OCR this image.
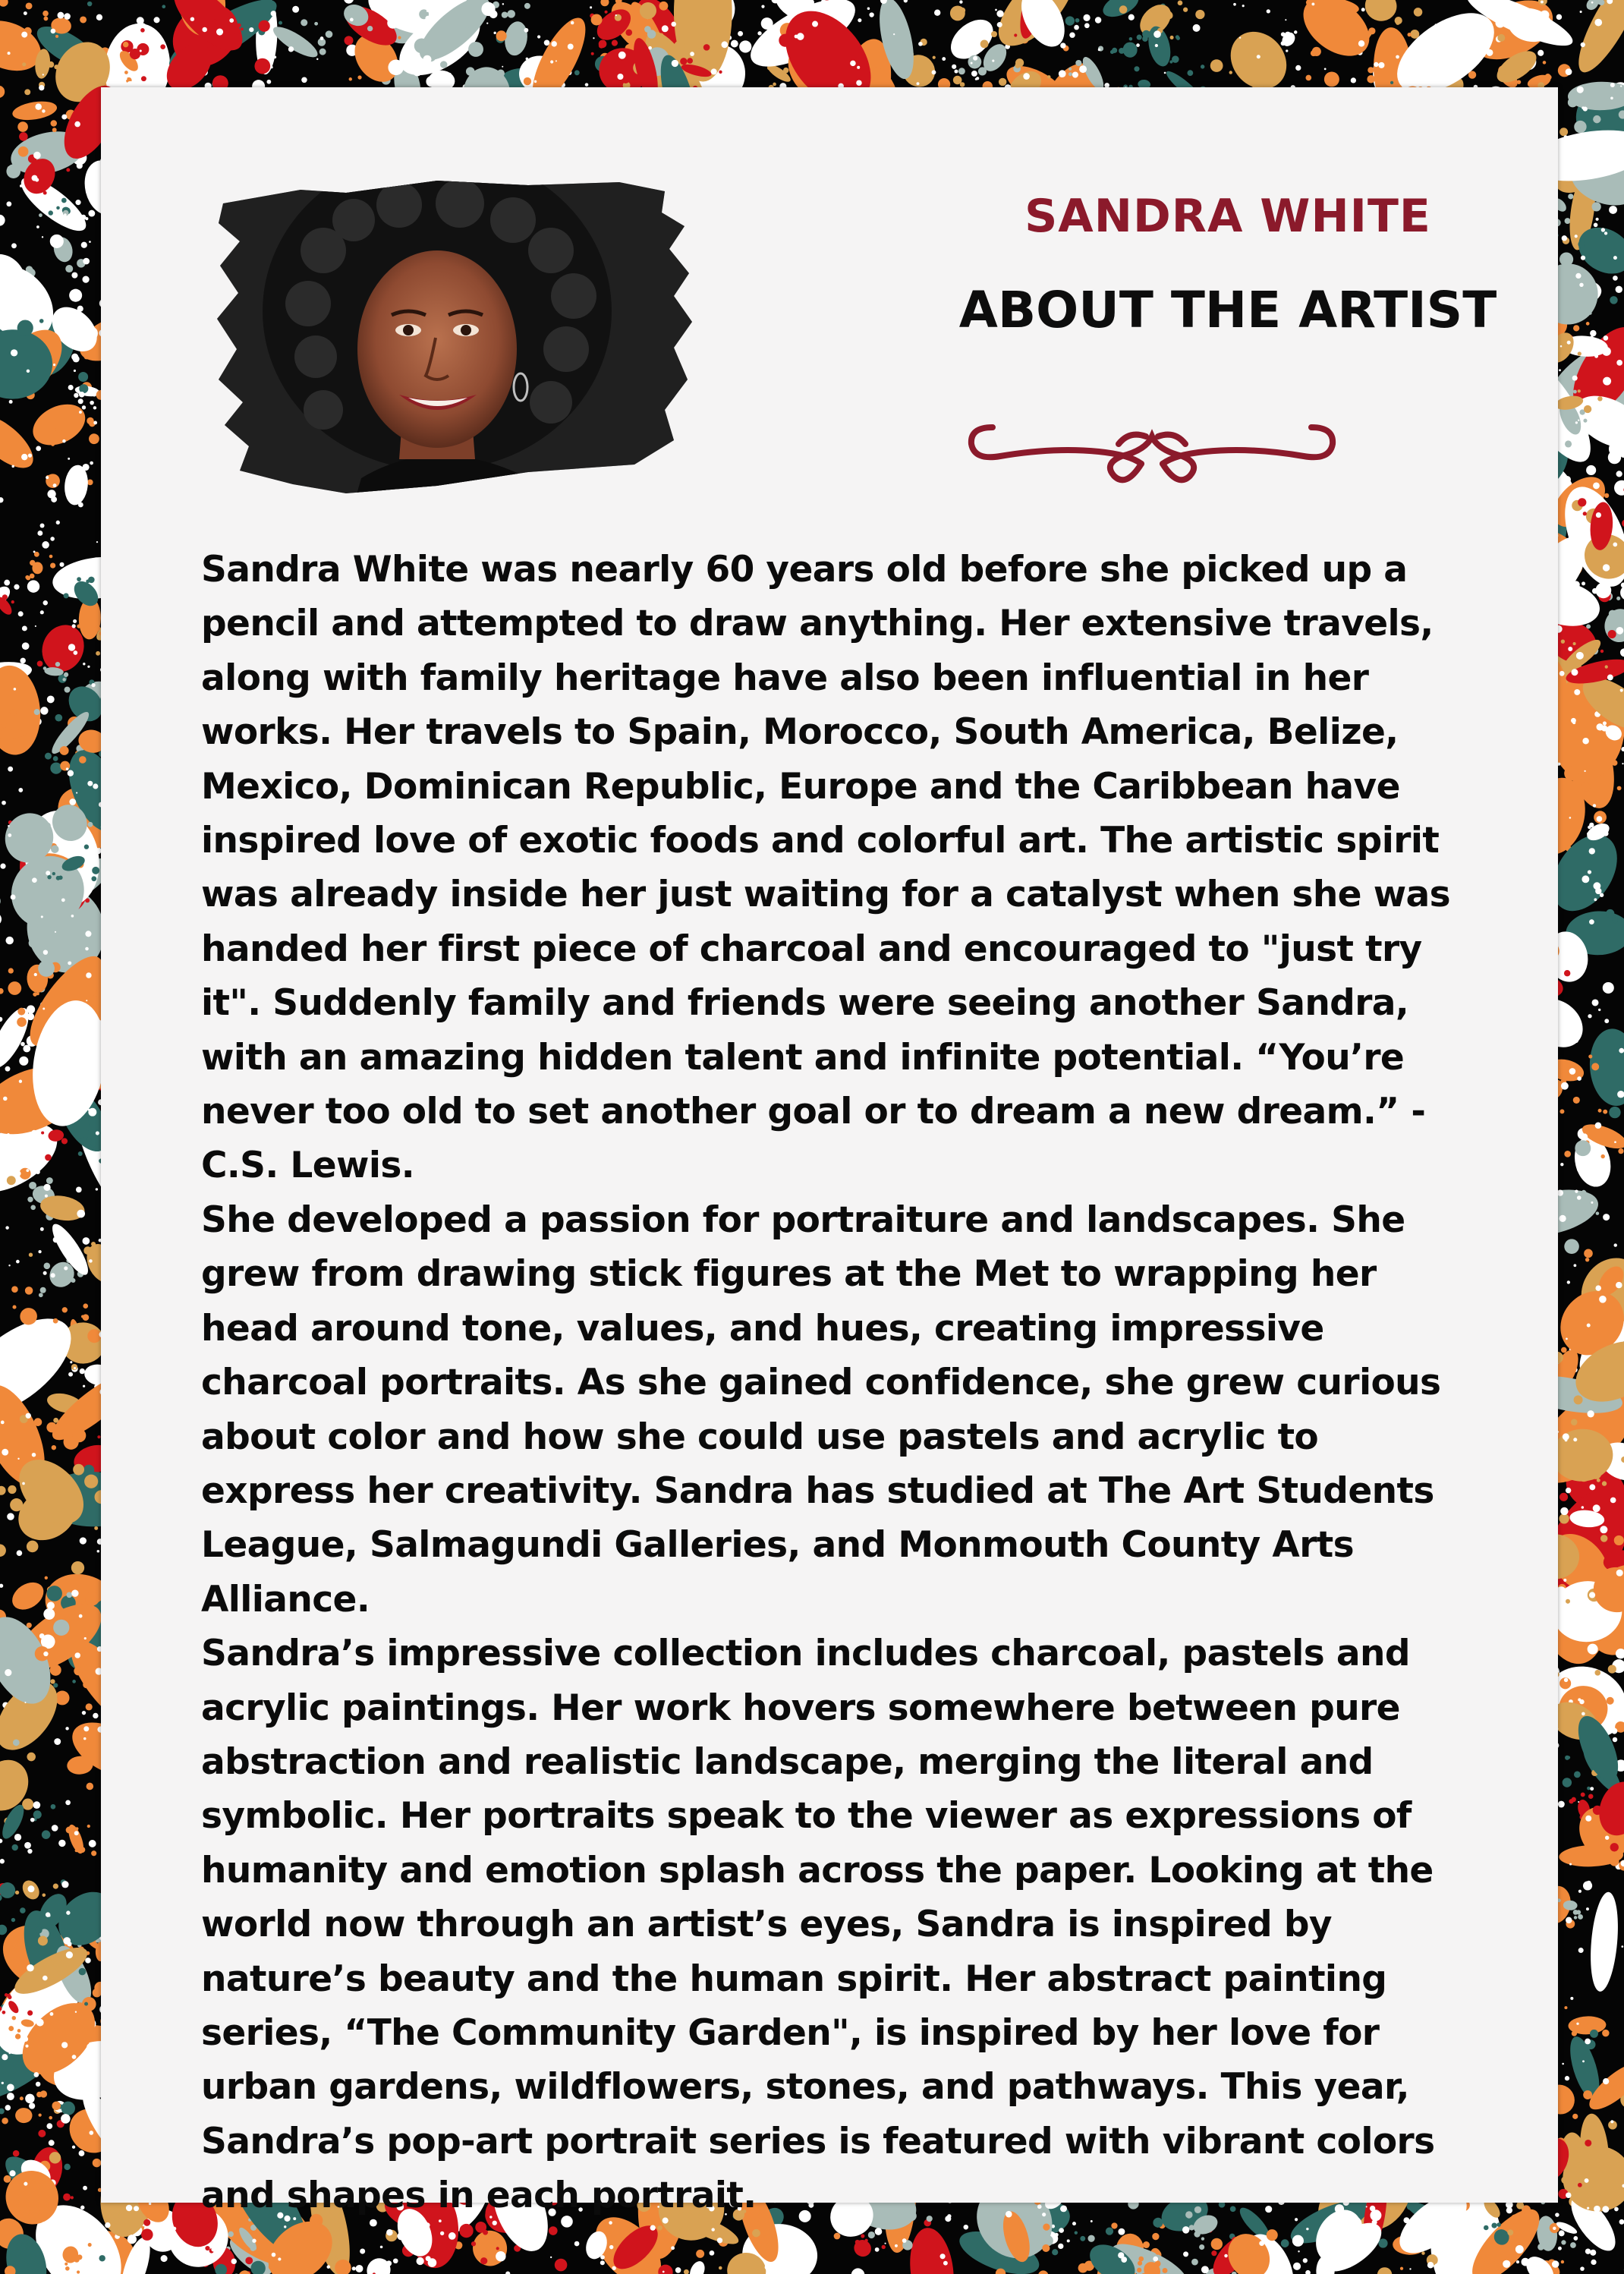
SANDRA WHITE
ABOUT THE ARTIST

Sandra White was nearly 60 years old before she picked up a pencil and attempted to draw anything. Her extensive travels, along with family heritage have also been influential in her works. Her travels to Spain, Morocco, South America, Belize, Mexico, Dominican Republic, Europe and the Caribbean have inspired love of exotic foods and colorful art. The artistic spirit was already inside her just waiting for a catalyst when she was handed her first piece of charcoal and encouraged to "just try it". Suddenly family and friends were seeing another Sandra, with an amazing hidden talent and infinite potential. “You’re never too old to set another goal or to dream a new dream.” - C.S. Lewis.

She developed a passion for portraiture and landscapes. She grew from drawing stick figures at the Met to wrapping her head around tone, values, and hues, creating impressive charcoal portraits. As she gained confidence, she grew curious about color and how she could use pastels and acrylic to express her creativity. Sandra has studied at The Art Students League, Salmagundi Galleries, and Monmouth County Arts Alliance.

Sandra’s impressive collection includes charcoal, pastels and acrylic paintings. Her work hovers somewhere between pure abstraction and realistic landscape, merging the literal and symbolic. Her portraits speak to the viewer as expressions of humanity and emotion splash across the paper. Looking at the world now through an artist’s eyes, Sandra is inspired by nature’s beauty and the human spirit. Her abstract painting series, “The Community Garden", is inspired by her love for urban gardens, wildflowers, stones, and pathways. This year, Sandra’s pop-art portrait series is featured with vibrant colors and shapes in each portrait.
